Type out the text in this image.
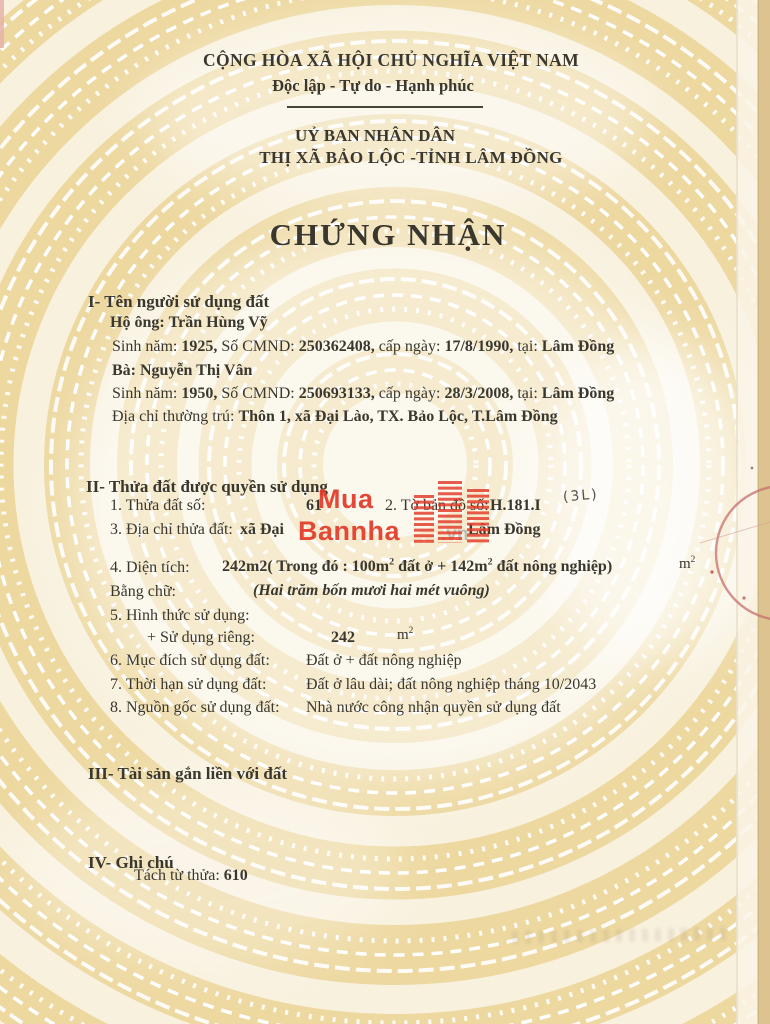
CỘNG HÒA XÃ HỘI CHỦ NGHĨA VIỆT NAM
Độc lập - Tự do - Hạnh phúc
UỶ BAN NHÂN DÂN
THỊ XÃ BẢO LỘC -TỈNH LÂM ĐỒNG
CHỨNG NHẬN
I- Tên người sử dụng đất
Hộ ông: Trần Hùng Vỹ
Sinh năm: 1925, Số CMND: 250362408, cấp ngày: 17/8/1990, tại: Lâm Đồng
Bà: Nguyễn Thị Vân
Sinh năm: 1950, Số CMND: 250693133, cấp ngày: 28/3/2008, tại: Lâm Đồng
Địa chỉ thường trú: Thôn 1, xã Đại Lào, TX. Bảo Lộc, T.Lâm Đồng
II- Thửa đất được quyền sử dụng
1. Thửa đất số:	61	2. Tờ bản đồ số: H.181.I (3L)
3. Địa chỉ thửa đất: xã Đại	Lâm Đồng
4. Diện tích: 242m2( Trong đó : $100m^2$ đất ở + $142m^2$ đất nông nghiệp)	$m^2$
Bằng chữ:	(Hai trăm bốn mươi hai mét vuông)
5. Hình thức sử dụng:
+ Sử dụng riêng:	242	$m^2$
6. Mục đích sử dụng đất: Đất ở + đất nông nghiệp
7. Thời hạn sử dụng đất: Đất ở lâu dài; đất nông nghiệp tháng 10/2043
8. Nguồn gốc sử dụng đất: Nhà nước công nhận quyền sử dụng đất
III- Tài sản gắn liền với đất
IV- Ghi chú
Tách từ thửa: 610
Mua
Bannha .vn
